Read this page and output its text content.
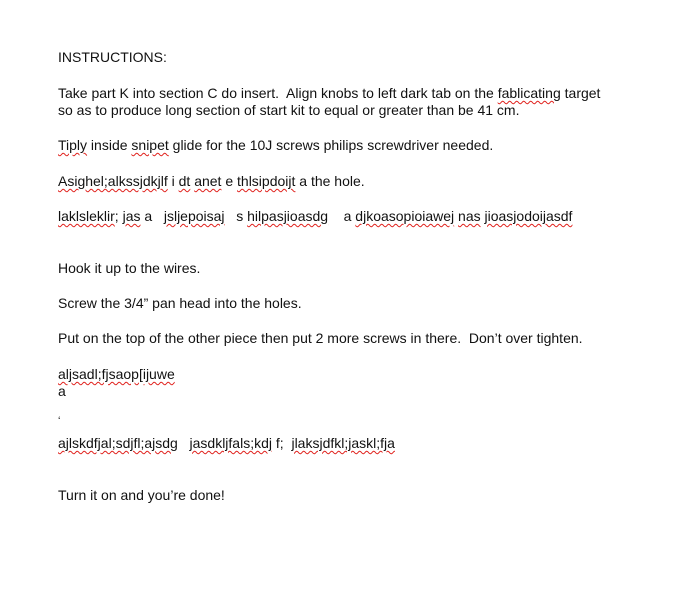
INSTRUCTIONS:
Take part K into section C do insert.  Align knobs to left dark tab on the fablicating target
so as to produce long section of start kit to equal or greater than be 41 cm.
Tiply inside snipet glide for the 10J screws philips screwdriver needed.
Asighel;alkssjdkjlf i dt anet e thlsipdoijt a the hole.
laklsleklir; jas a   jsljepoisaj   s hilpasjioasdg    a djkoasopioiawej nas jioasjodoijasdf
Hook it up to the wires.
Screw the 3/4” pan head into the holes.
Put on the top of the other piece then put 2 more screws in there.  Don’t over tighten.
aljsadl;fjsaop[ijuwe
a
‘
ajlskdfjal;sdjfl;ajsdg jasdkljfals;kdj f;  jlaksjdfkl;jaskl;fja
Turn it on and you’re done!
